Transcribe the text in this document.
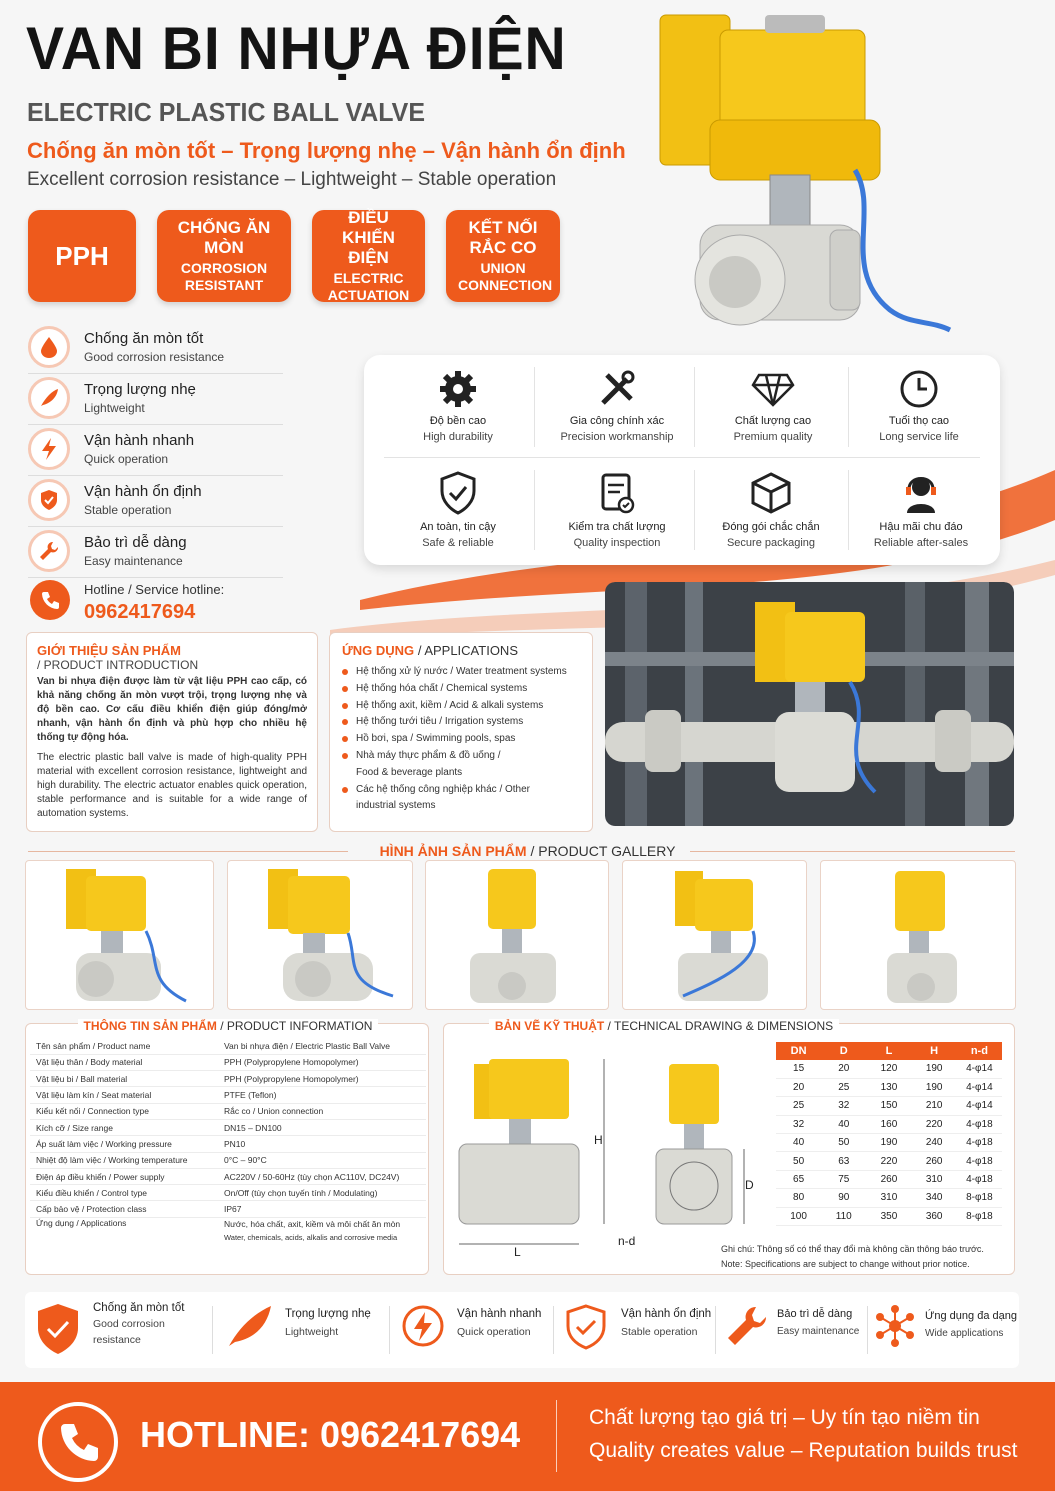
VAN BI NHỰA ĐIỆN
ELECTRIC PLASTIC BALL VALVE
Chống ăn mòn tốt – Trọng lượng nhẹ – Vận hành ổn định
Excellent corrosion resistance – Lightweight – Stable operation
PPH
CHỐNG ĂN MÒN
CORROSION RESISTANT
ĐIỀU KHIỂN ĐIỆN
ELECTRIC ACTUATION
KẾT NỐI RẮC CO
UNION CONNECTION
Chống ăn mòn tốt
Good corrosion resistance
Trọng lượng nhẹ
Lightweight
Vận hành nhanh
Quick operation
Vận hành ổn định
Stable operation
Bảo trì dễ dàng
Easy maintenance
Hotline / Service hotline:
0962417694
Độ bền cao
High durability
Gia công chính xác
Precision workmanship
Chất lượng cao
Premium quality
Tuổi thọ cao
Long service life
An toàn, tin cậy
Safe & reliable
Kiểm tra chất lượng
Quality inspection
Đóng gói chắc chắn
Secure packaging
Hậu mãi chu đáo
Reliable after-sales
GIỚI THIỆU SẢN PHẨM
/ PRODUCT INTRODUCTION
Van bi nhựa điện được làm từ vật liệu PPH cao cấp, có khả năng chống ăn mòn vượt trội, trọng lượng nhẹ và độ bền cao. Cơ cấu điều khiển điện giúp đóng/mở nhanh, vận hành ổn định và phù hợp cho nhiều hệ thống tự động hóa.
The electric plastic ball valve is made of high-quality PPH material with excellent corrosion resistance, lightweight and high durability. The electric actuator enables quick operation, stable performance and is suitable for a wide range of automation systems.
ỨNG DỤNG / APPLICATIONS
Hệ thống xử lý nước / Water treatment systems
Hệ thống hóa chất / Chemical systems
Hệ thống axit, kiềm / Acid & alkali systems
Hệ thống tưới tiêu / Irrigation systems
Hồ bơi, spa / Swimming pools, spas
Nhà máy thực phẩm & đồ uống / Food & beverage plants
Các hệ thống công nghiệp khác / Other industrial systems
HÌNH ẢNH SẢN PHẨM / PRODUCT GALLERY
THÔNG TIN SẢN PHẨM / PRODUCT INFORMATION
Tên sản phẩm / Product name	Van bi nhựa điện / Electric Plastic Ball Valve
Vật liệu thân / Body material	PPH (Polypropylene Homopolymer)
Vật liệu bi / Ball material	PPH (Polypropylene Homopolymer)
Vật liệu làm kín / Seat material	PTFE (Teflon)
Kiểu kết nối / Connection type	Rắc co / Union connection
Kích cỡ / Size range	DN15 – DN100
Áp suất làm việc / Working pressure	PN10
Nhiệt độ làm việc / Working temperature	0°C – 90°C
Điện áp điều khiển / Power supply	AC220V / 50-60Hz (tùy chọn AC110V, DC24V)
Kiểu điều khiển / Control type	On/Off (tùy chọn tuyến tính / Modulating)
Cấp bảo vệ / Protection class	IP67
Ứng dụng / Applications	Nước, hóa chất, axit, kiềm và môi chất ăn mòn
Water, chemicals, acids, alkalis and corrosive media
BẢN VẼ KỸ THUẬT / TECHNICAL DRAWING & DIMENSIONS
L
H
D
n-d
DN	D	L	H	n-d
15	20	120	190	4-φ14
20	25	130	190	4-φ14
25	32	150	210	4-φ14
32	40	160	220	4-φ18
40	50	190	240	4-φ18
50	63	220	260	4-φ18
65	75	260	310	4-φ18
80	90	310	340	8-φ18
100	110	350	360	8-φ18
Ghi chú: Thông số có thể thay đổi mà không cần thông báo trước.
Note: Specifications are subject to change without prior notice.
Chống ăn mòn tốt
Good corrosion resistance
Trọng lượng nhẹ
Lightweight
Vận hành nhanh
Quick operation
Vận hành ổn định
Stable operation
Bảo trì dễ dàng
Easy maintenance
Ứng dụng đa dạng
Wide applications
HOTLINE: 0962417694	Chất lượng tạo giá trị – Uy tín tạo niềm tin
Quality creates value – Reputation builds trust
